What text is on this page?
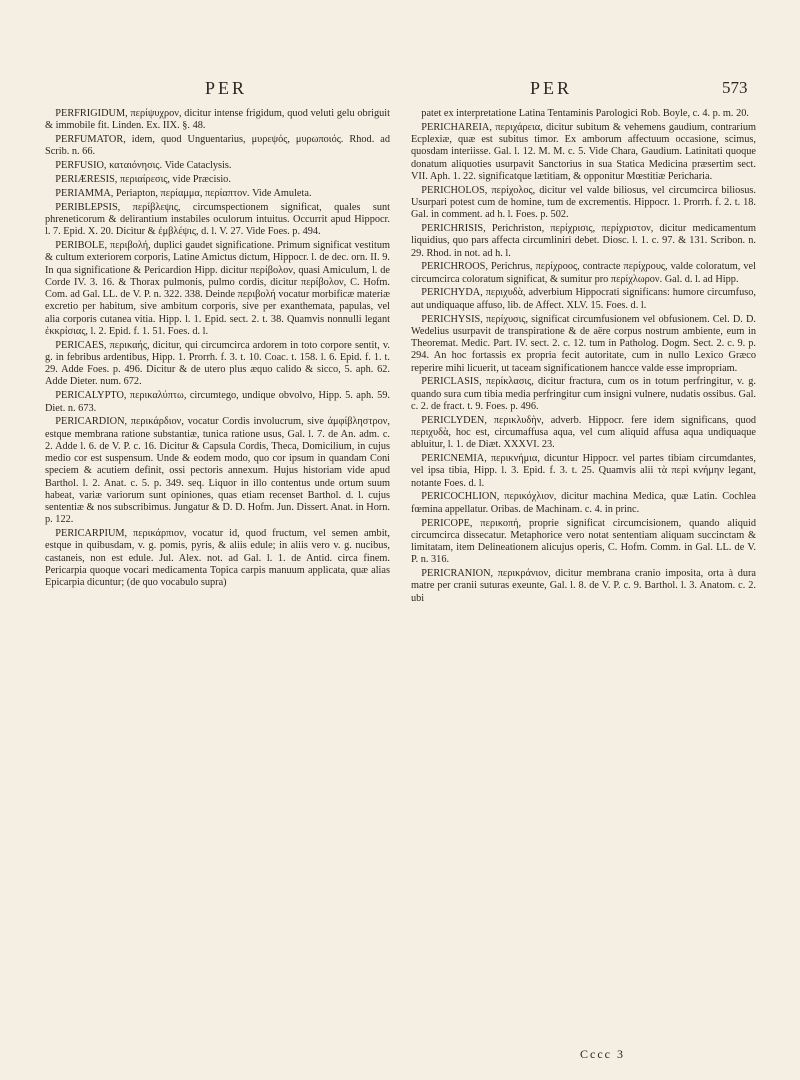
PER	PER	573

PERFRIGIDUM, περίψυχρον, dicitur intense frigidum, quod veluti gelu obriguit & immobile fit. Linden. Ex. IIX. §. 48.

PERFUMATOR, idem, quod Unguentarius, μυρεψός, μυρωποιός. Rhod. ad Scrib. n. 66.

PERFUSIO, καταιόνησις. Vide Cataclysis.

PERIÆRESIS, περιαίρεσις, vide Præcisio.

PERIAMMA, Periapton, περίαμμα, περίαπτον. Vide Amuleta.

PERIBLEPSIS, περίβλεψις, circumspectionem significat, quales sunt phreneticorum & delirantium instabiles oculorum intuitus. Occurrit apud Hippocr. l. 7. Epid. X. 20. Dicitur & ἐμβλέψις, d. l. V. 27. Vide Foes. p. 494.

PERIBOLE, περιβολή, duplici gaudet significatione. Primum significat vestitum & cultum exteriorem corporis, Latine Amictus dictum, Hippocr. l. de dec. orn. II. 9. In qua significatione & Pericardion Hipp. dicitur περίβολον, quasi Amiculum, l. de Corde IV. 3. 16. & Thorax pulmonis, pulmo cordis, dicitur περίβολον, C. Hofm. Com. ad Gal. LL. de V. P. n. 322. 338. Deinde περιβολή vocatur morbificæ materiæ excretio per habitum, sive ambitum corporis, sive per exanthemata, papulas, vel alia corporis cutanea vitia. Hipp. l. 1. Epid. sect. 2. t. 38. Quamvis nonnulli legant ἐκκρίσιας, l. 2. Epid. f. 1. 51. Foes. d. l.

PERICAES, περικαής, dicitur, qui circumcirca ardorem in toto corpore sentit, v. g. in febribus ardentibus, Hipp. 1. Prorrh. f. 3. t. 10. Coac. t. 158. l. 6. Epid. f. 1. t. 29. Adde Foes. p. 496. Dicitur & de utero plus æquo calido & sicco, 5. aph. 62. Adde Dieter. num. 672.

PERICALYPTO, περικαλύπτω, circumtego, undique obvolvo, Hipp. 5. aph. 59. Diet. n. 673.

PERICARDION, περικάρδιον, vocatur Cordis involucrum, sive ἀμφίβληστρον, estque membrana ratione substantiæ, tunica ratione usus, Gal. l. 7. de An. adm. c. 2. Adde l. 6. de V. P. c. 16. Dicitur & Capsula Cordis, Theca, Domicilium, in cujus medio cor est suspensum. Unde & eodem modo, quo cor ipsum in quandam Coni speciem & acutiem definit, ossi pectoris annexum. Hujus historiam vide apud Barthol. l. 2. Anat. c. 5. p. 349. seq. Liquor in illo contentus unde ortum suum habeat, variæ variorum sunt opiniones, quas etiam recenset Barthol. d. l. cujus sententiæ & nos subscribimus. Jungatur & D. D. Hofm. Jun. Dissert. Anat. in Horn. p. 122.

PERICARPIUM, περικάρπιον, vocatur id, quod fructum, vel semen ambit, estque in quibusdam, v. g. pomis, pyris, & aliis edule; in aliis vero v. g. nucibus, castaneis, non est edule. Jul. Alex. not. ad Gal. l. 1. de Antid. circa finem. Pericarpia quoque vocari medicamenta Topica carpis manuum applicata, quæ alias Epicarpia dicuntur; (de quo vocabulo supra)

patet ex interpretatione Latina Tentaminis Parologici Rob. Boyle, c. 4. p. m. 20.

PERICHAREIA, περιχάρεια, dicitur subitum & vehemens gaudium, contrarium Ecplexiæ, quæ est subitus timor. Ex amborum affectuum occasione, scimus, quosdam interiisse. Gal. l. 12. M. M. c. 5. Vide Chara, Gaudium. Latinitati quoque donatum aliquoties usurpavit Sanctorius in sua Statica Medicina præsertim sect. VII. Aph. 1. 22. significatque lætitiam, & opponitur Mœstitiæ Pericharia.

PERICHOLOS, περίχολος, dicitur vel valde biliosus, vel circumcirca biliosus. Usurpari potest cum de homine, tum de excrementis. Hippocr. 1. Prorrh. f. 2. t. 18. Gal. in comment. ad h. l. Foes. p. 502.

PERICHRISIS, Perichriston, περίχρισις, περίχριστον, dicitur medicamentum liquidius, quo pars affecta circumliniri debet. Diosc. l. 1. c. 97. & 131. Scribon. n. 29. Rhod. in not. ad h. l.

PERICHROOS, Perichrus, περίχροος, contracte περίχρους, valde coloratum, vel circumcirca coloratum significat, & sumitur pro περίχλωρον. Gal. d. l. ad Hipp.

PERICHYDA, περιχυδὰ, adverbium Hippocrati significans: humore circumfuso, aut undiquaque affuso, lib. de Affect. XLV. 15. Foes. d. l.

PERICHYSIS, περίχυσις, significat circumfusionem vel obfusionem. Cel. D. D. Wedelius usurpavit de transpiratione & de aëre corpus nostrum ambiente, eum in Theoremat. Medic. Part. IV. sect. 2. c. 12. tum in Patholog. Dogm. Sect. 2. c. 9. p. 294. An hoc fortassis ex propria fecit autoritate, cum in nullo Lexico Græco reperire mihi licuerit, ut taceam significationem hancce valde esse impropriam.

PERICLASIS, περίκλασις, dicitur fractura, cum os in totum perfringitur, v. g. quando sura cum tibia media perfringitur cum insigni vulnere, nudatis ossibus. Gal. c. 2. de fract. t. 9. Foes. p. 496.

PERICLYDEN, περικλυδὴν, adverb. Hippocr. fere idem significans, quod περιχυδὰ, hoc est, circumaffusa aqua, vel cum aliquid affusa aqua undiquaque abluitur, l. 1. de Diæt. XXXVI. 23.

PERICNEMIA, περικνήμια, dicuntur Hippocr. vel partes tibiam circumdantes, vel ipsa tibia, Hipp. l. 3. Epid. f. 3. t. 25. Quamvis alii τὰ περὶ κνήμην legant, notante Foes. d. l.

PERICOCHLION, περικόχλιον, dicitur machina Medica, quæ Latin. Cochlea fœmina appellatur. Oribas. de Machinam. c. 4. in princ.

PERICOPE, περικοπή, proprie significat circumcisionem, quando aliquid circumcirca dissecatur. Metaphorice vero notat sententiam aliquam succinctam & limitatam, item Delineationem alicujus operis, C. Hofm. Comm. in Gal. LL. de V. P. n. 316.

PERICRANION, περικράνιον, dicitur membrana cranio imposita, orta à dura matre per cranii suturas exeunte, Gal. l. 8. de V. P. c. 9. Barthol. l. 3. Anatom. c. 2. ubi

Cccc 3
